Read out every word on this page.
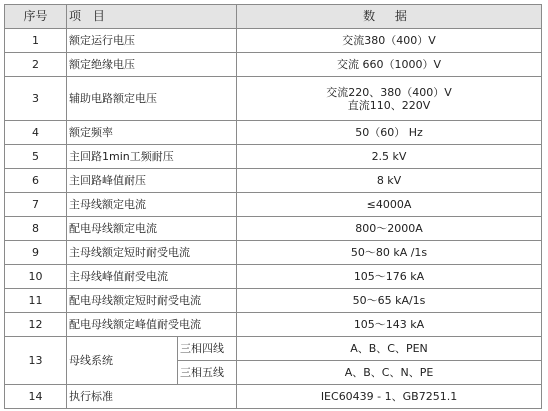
序号	项 目		数 据
1	额定运行电压		交流380（400）V
2	额定绝缘电压		交流 660（1000）V
3	辅助电路额定电压		交流220、380（400）V
直流110、220V

4	额定频率		50（60） Hz
5	主回路1min工频耐压		2.5 kV
6	主回路峰值耐压		8 kV
7	主母线额定电流		≤4000A
8	配电母线额定电流		800～2000A
9	主母线额定短时耐受电流		50～80 kA /1s
10	主母线峰值耐受电流		105～176 kA
11	配电母线额定短时耐受电流		50～65 kA/1s
12	配电母线额定峰值耐受电流		105～143 kA
13	母线系统	三相四线	A、B、C、PEN
		三相五线	A、B、C、N、PE
14	执行标准		IEC60439 - 1、GB7251.1
